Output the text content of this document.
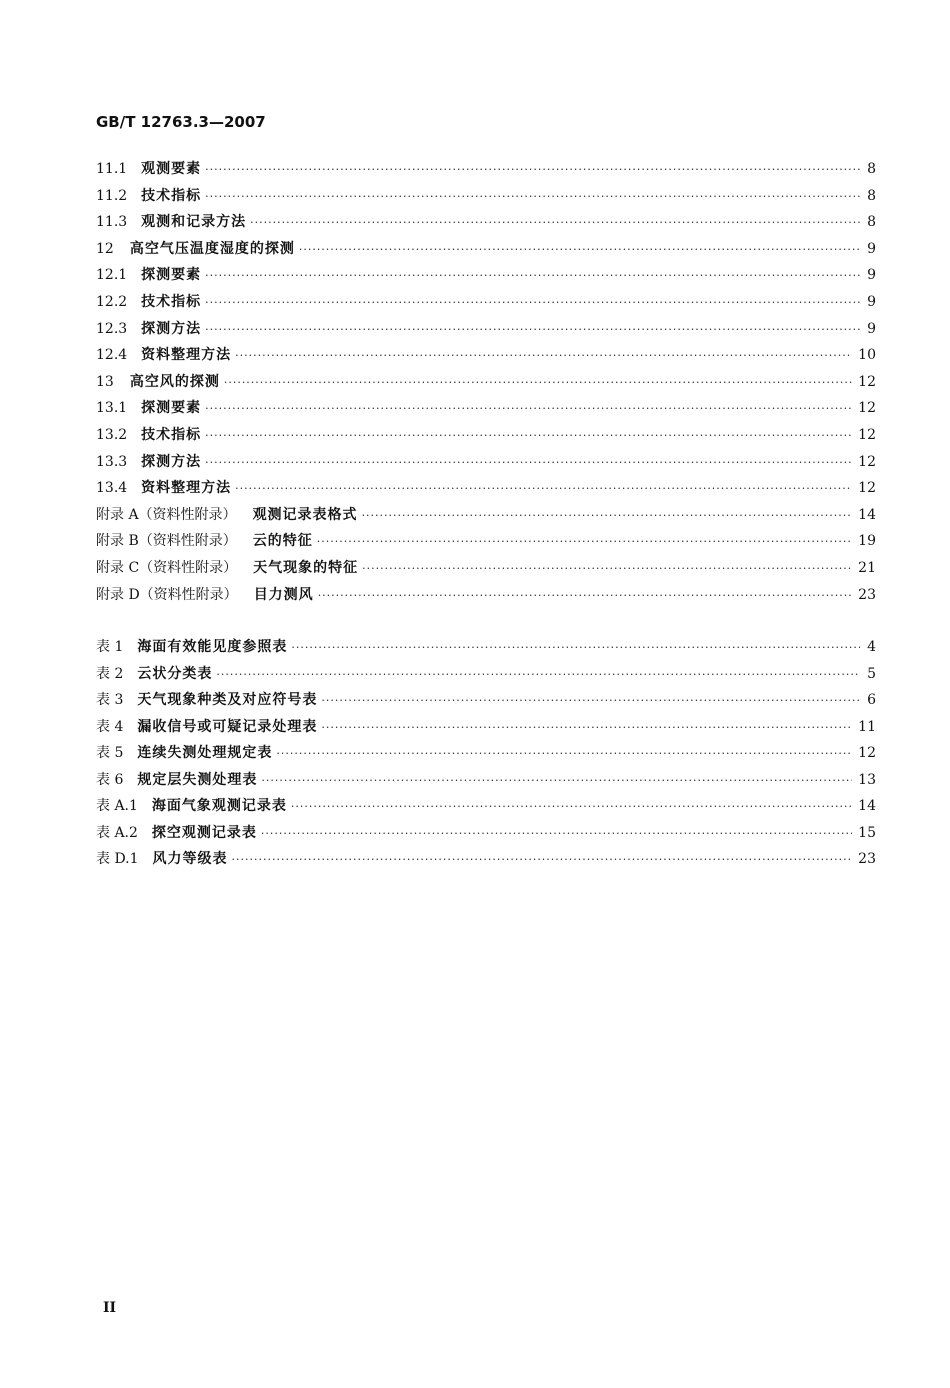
GB/T 12763.3—2007
11.1 观测要素 ·····	8
11.2 技术指标 ·····	8
11.3 观测和记录方法 ·····	8
12 高空气压温度湿度的探测 ·····	9
12.1 探测要素 ·····	9
12.2 技术指标 ·····	9
12.3 探测方法 ·····	9
12.4 资料整理方法 ·····	10
13 高空风的探测 ·····	12
13.1 探测要素 ·····	12
13.2 技术指标 ·····	12
13.3 探测方法 ·····	12
13.4 资料整理方法 ·····	12
附录 A（资料性附录） 观测记录表格式 ·····	14
附录 B（资料性附录） 云的特征 ·····	19
附录 C（资料性附录） 天气现象的特征 ·····	21
附录 D（资料性附录） 目力测风 ·····	23
表 1 海面有效能见度参照表 ·····	4
表 2 云状分类表 ·····	5
表 3 天气现象种类及对应符号表 ·····	6
表 4 漏收信号或可疑记录处理表 ·····	11
表 5 连续失测处理规定表 ·····	12
表 6 规定层失测处理表 ·····	13
表 A.1 海面气象观测记录表 ·····	14
表 A.2 探空观测记录表 ·····	15
表 D.1 风力等级表 ·····	23
II
